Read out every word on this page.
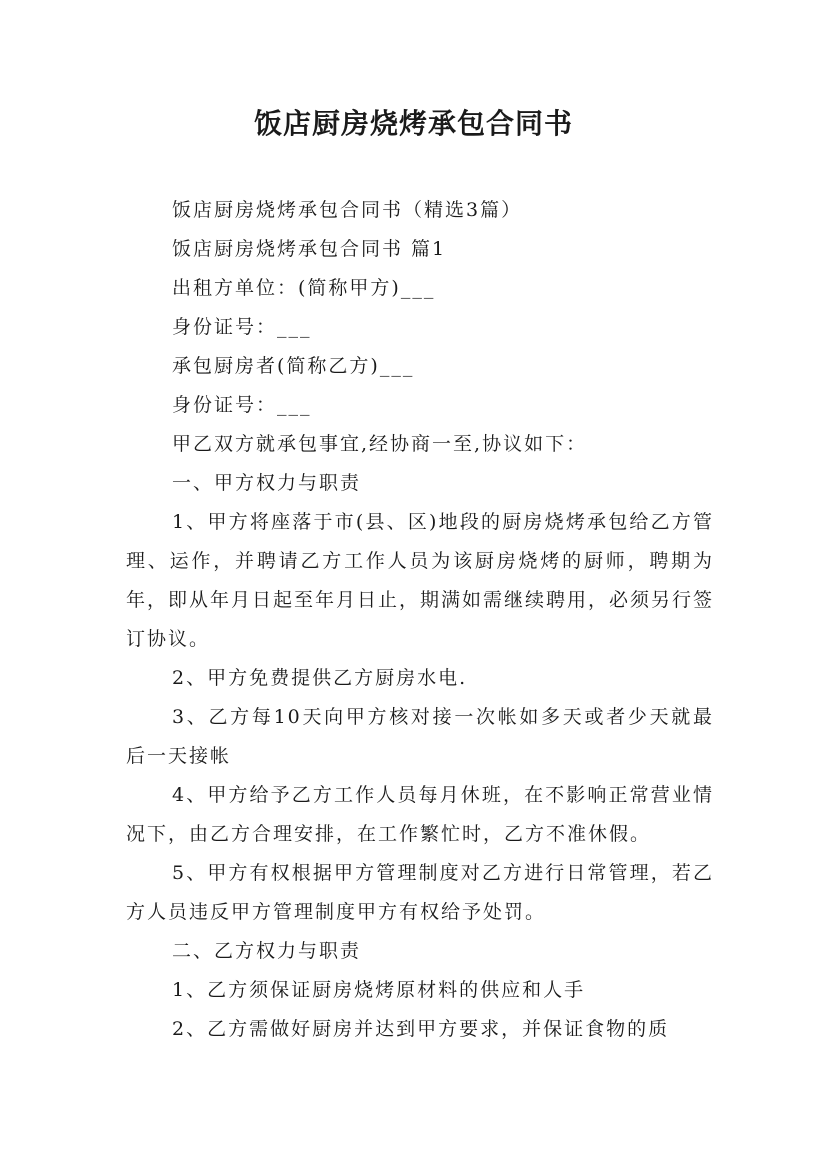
饭店厨房烧烤承包合同书

饭店厨房烧烤承包合同书（精选3篇）

饭店厨房烧烤承包合同书 篇1

出租方单位：(简称甲方)___

身份证号：___

承包厨房者(简称乙方)___

身份证号：___

甲乙双方就承包事宜,经协商一至,协议如下：

一、甲方权力与职责

1、甲方将座落于市(县、区)地段的厨房烧烤承包给乙方管理、运作，并聘请乙方工作人员为该厨房烧烤的厨师，聘期为年，即从年月日起至年月日止，期满如需继续聘用，必须另行签订协议。

2、甲方免费提供乙方厨房水电.

3、乙方每10天向甲方核对接一次帐如多天或者少天就最后一天接帐

4、甲方给予乙方工作人员每月休班，在不影响正常营业情况下，由乙方合理安排，在工作繁忙时，乙方不准休假。

5、甲方有权根据甲方管理制度对乙方进行日常管理，若乙方人员违反甲方管理制度甲方有权给予处罚。

二、乙方权力与职责

1、乙方须保证厨房烧烤原材料的供应和人手

2、乙方需做好厨房并达到甲方要求，并保证食物的质
